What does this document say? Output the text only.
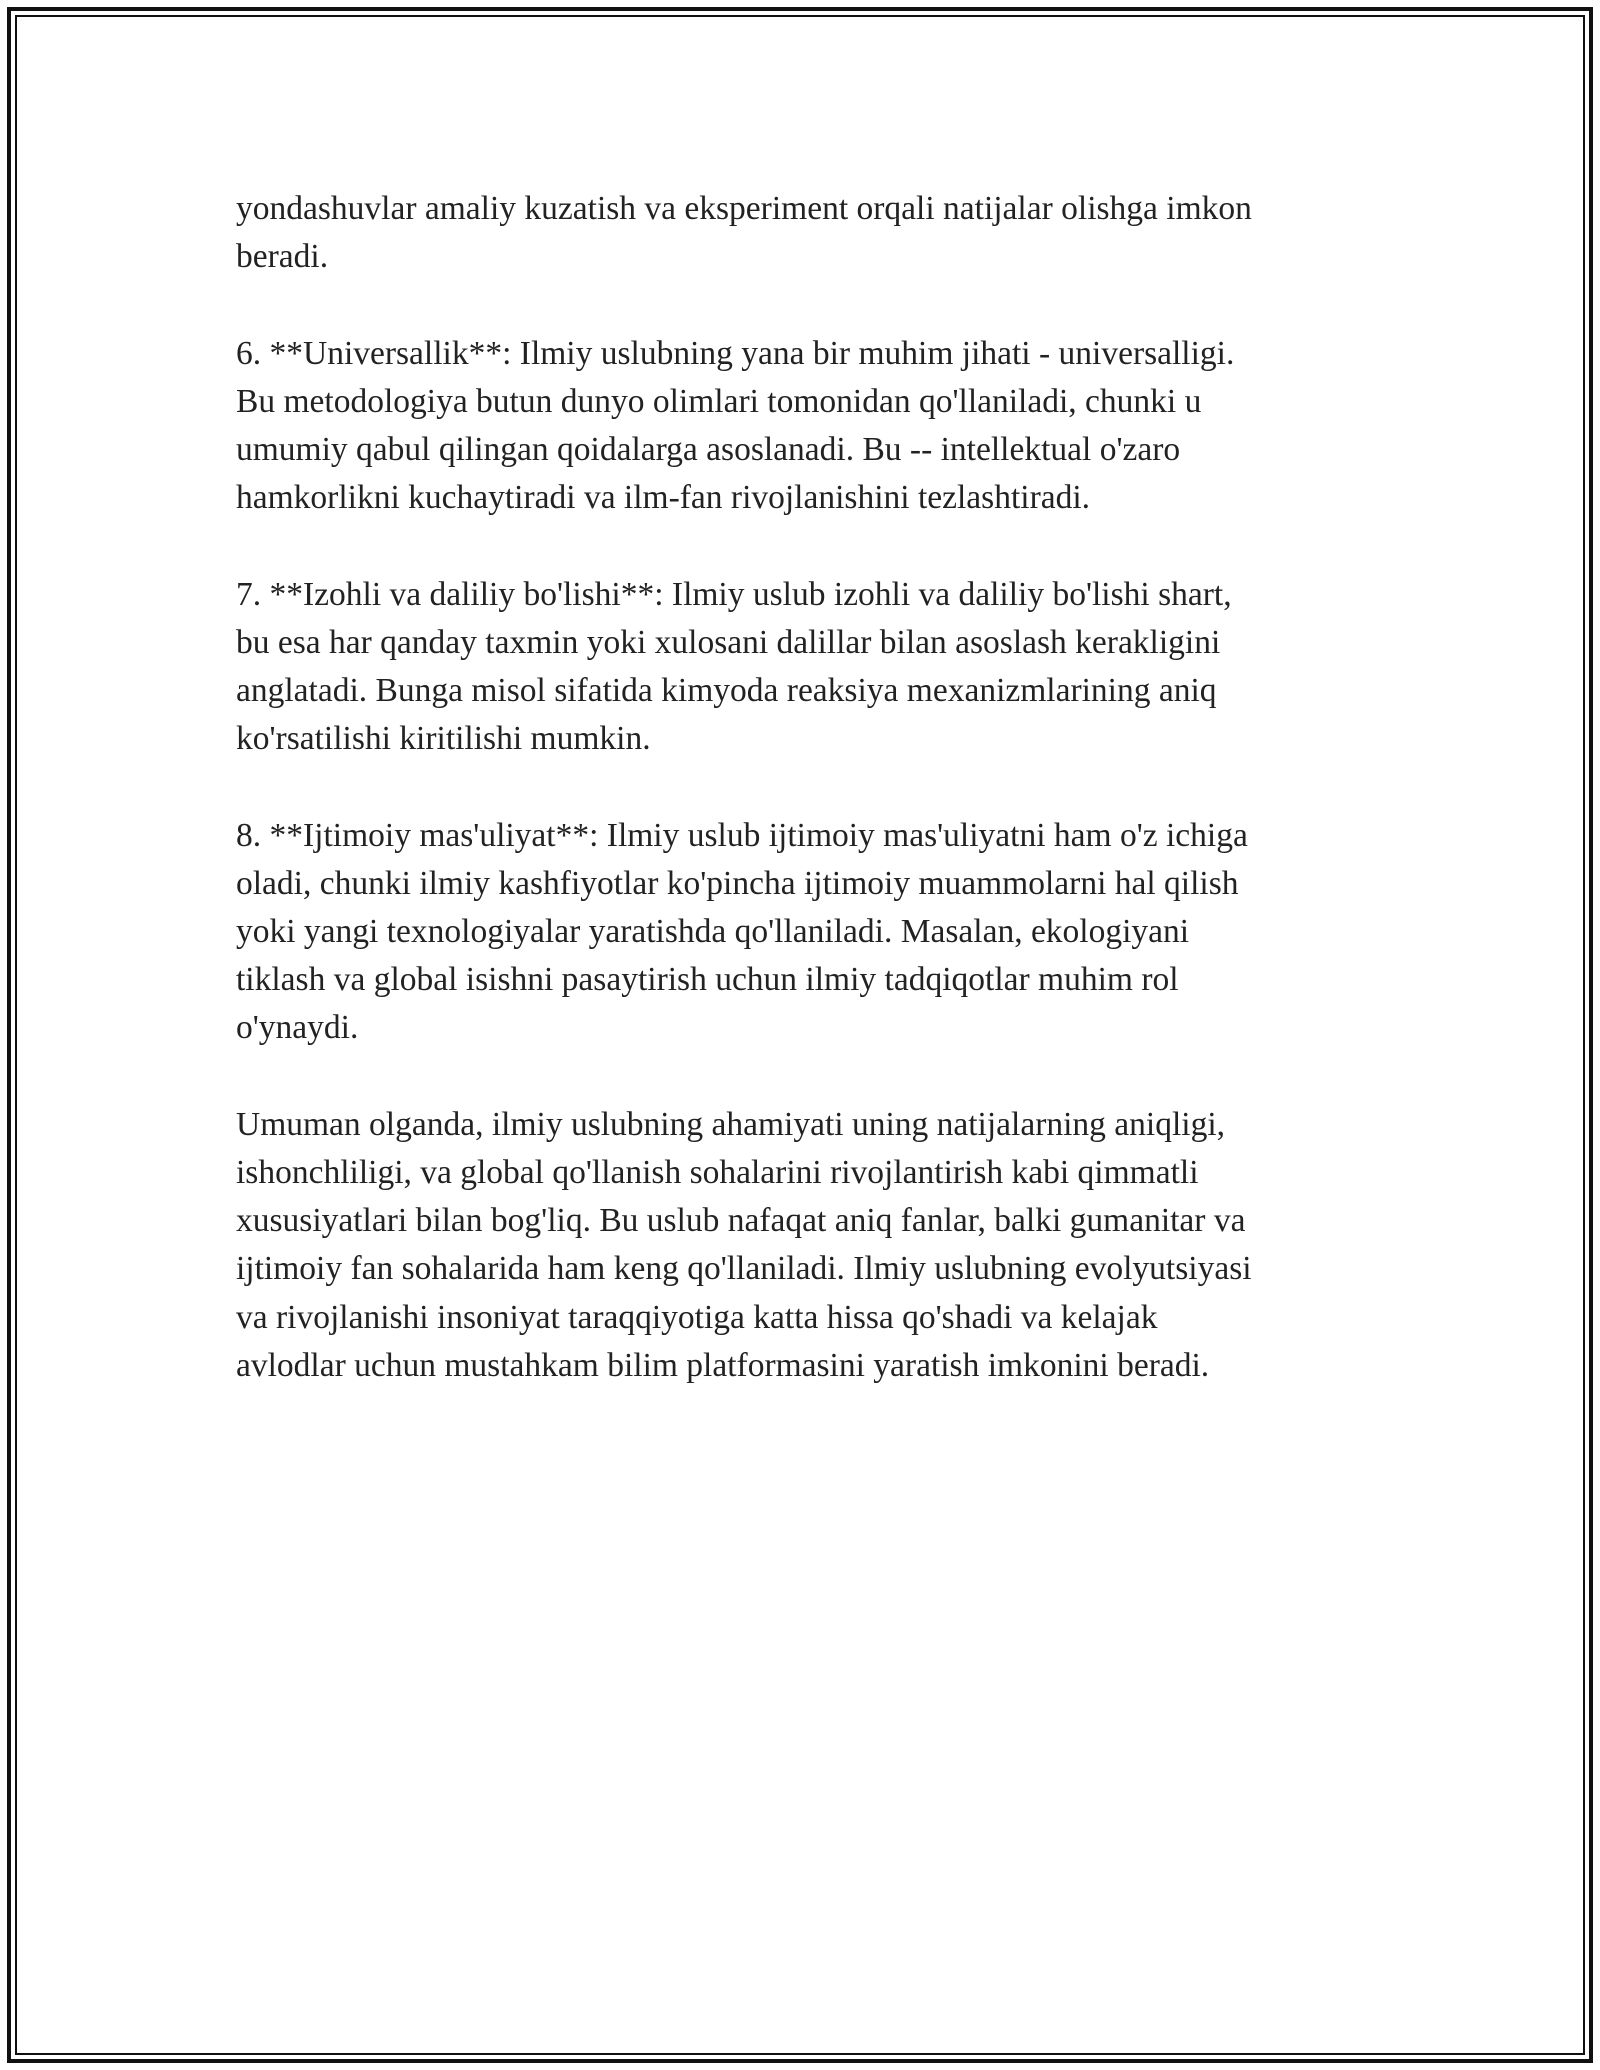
yondashuvlar amaliy kuzatish va eksperiment orqali natijalar olishga imkon
beradi.

6. **Universallik**: Ilmiy uslubning yana bir muhim jihati - universalligi.
Bu metodologiya butun dunyo olimlari tomonidan qo'llaniladi, chunki u
umumiy qabul qilingan qoidalarga asoslanadi. Bu -- intellektual o'zaro
hamkorlikni kuchaytiradi va ilm-fan rivojlanishini tezlashtiradi.

7. **Izohli va daliliy bo'lishi**: Ilmiy uslub izohli va daliliy bo'lishi shart,
bu esa har qanday taxmin yoki xulosani dalillar bilan asoslash kerakligini
anglatadi. Bunga misol sifatida kimyoda reaksiya mexanizmlarining aniq
ko'rsatilishi kiritilishi mumkin.

8. **Ijtimoiy mas'uliyat**: Ilmiy uslub ijtimoiy mas'uliyatni ham o'z ichiga
oladi, chunki ilmiy kashfiyotlar ko'pincha ijtimoiy muammolarni hal qilish
yoki yangi texnologiyalar yaratishda qo'llaniladi. Masalan, ekologiyani
tiklash va global isishni pasaytirish uchun ilmiy tadqiqotlar muhim rol
o'ynaydi.

Umuman olganda, ilmiy uslubning ahamiyati uning natijalarning aniqligi,
ishonchliligi, va global qo'llanish sohalarini rivojlantirish kabi qimmatli
xususiyatlari bilan bog'liq. Bu uslub nafaqat aniq fanlar, balki gumanitar va
ijtimoiy fan sohalarida ham keng qo'llaniladi. Ilmiy uslubning evolyutsiyasi
va rivojlanishi insoniyat taraqqiyotiga katta hissa qo'shadi va kelajak
avlodlar uchun mustahkam bilim platformasini yaratish imkonini beradi.
